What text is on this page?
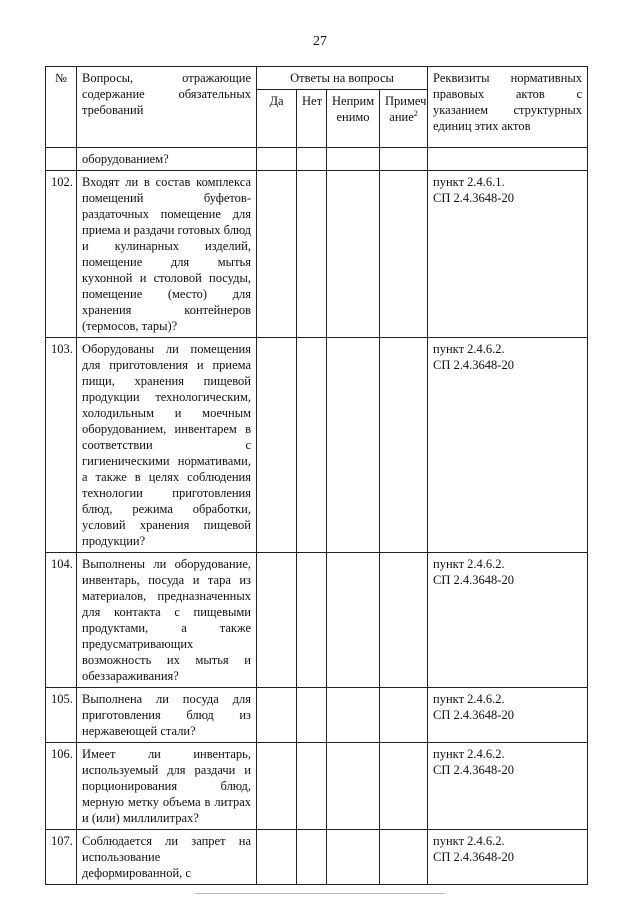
27
№	Вопросы, отражающие содержание обязательных требований	Ответы на вопросы				Реквизиты нормативных правовых актов с указанием структурных единиц этих актов
		Да	Нет	Неприм енимо	Примеч ание$^2$
	оборудованием?					
102.	Входят ли в состав комплекса помещений буфетов-раздаточных помещение для приема и раздачи готовых блюд и кулинарных изделий, помещение для мытья кухонной и столовой посуды, помещение (место) для хранения контейнеров (термосов, тары)?					пункт 2.4.6.1.
СП 2.4.3648-20

103.	Оборудованы ли помещения для приготовления и приема пищи, хранения пищевой продукции технологическим, холодильным и моечным оборудованием, инвентарем в соответствии с гигиеническими нормативами, а также в целях соблюдения технологии приготовления блюд, режима обработки, условий хранения пищевой продукции?					пункт 2.4.6.2.
СП 2.4.3648-20

104.	Выполнены ли оборудование, инвентарь, посуда и тара из материалов, предназначенных для контакта с пищевыми продуктами, а также предусматривающих возможность их мытья и обеззараживания?					пункт 2.4.6.2.
СП 2.4.3648-20

105.	Выполнена ли посуда для приготовления блюд из нержавеющей стали?					пункт 2.4.6.2.
СП 2.4.3648-20

106.	Имеет ли инвентарь, используемый для раздачи и порционирования блюд, мерную метку объема в литрах и (или) миллилитрах?					пункт 2.4.6.2.
СП 2.4.3648-20

107.	Соблюдается ли запрет на использование деформированной, с					пункт 2.4.6.2.
СП 2.4.3648-20
